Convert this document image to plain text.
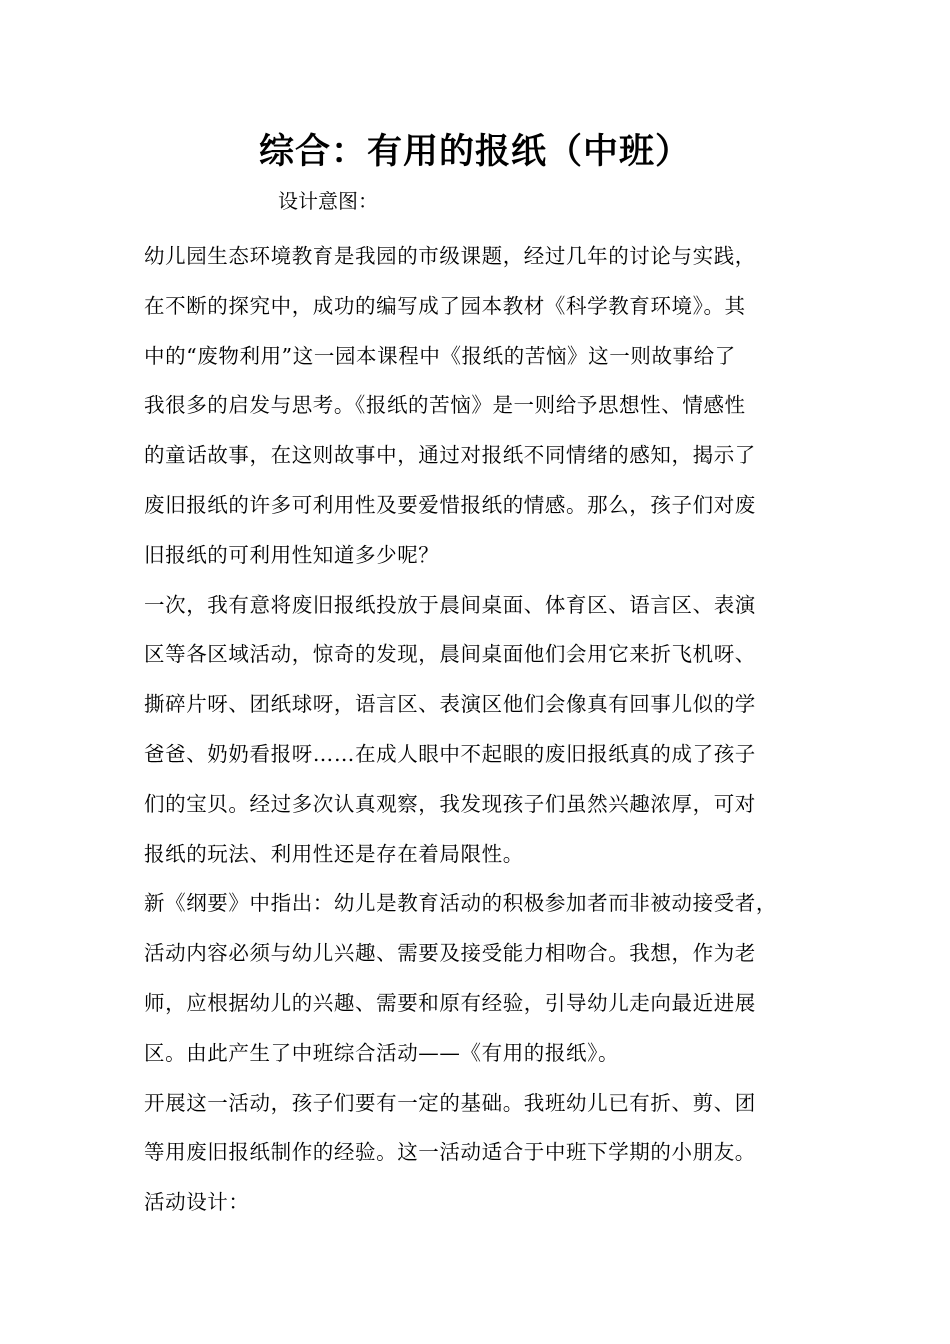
综合：有用的报纸（中班）

设计意图：

幼儿园生态环境教育是我园的市级课题，经过几年的讨论与实践，

在不断的探究中，成功的编写成了园本教材《科学教育环境》。其

中的“废物利用”这一园本课程中《报纸的苦恼》这一则故事给了

我很多的启发与思考。《报纸的苦恼》是一则给予思想性、情感性

的童话故事，在这则故事中，通过对报纸不同情绪的感知，揭示了

废旧报纸的许多可利用性及要爱惜报纸的情感。那么，孩子们对废

旧报纸的可利用性知道多少呢？

一次，我有意将废旧报纸投放于晨间桌面、体育区、语言区、表演

区等各区域活动，惊奇的发现，晨间桌面他们会用它来折飞机呀、

撕碎片呀、团纸球呀，语言区、表演区他们会像真有回事儿似的学

爸爸、奶奶看报呀……在成人眼中不起眼的废旧报纸真的成了孩子

们的宝贝。经过多次认真观察，我发现孩子们虽然兴趣浓厚，可对

报纸的玩法、利用性还是存在着局限性。

新《纲要》中指出：幼儿是教育活动的积极参加者而非被动接受者，

活动内容必须与幼儿兴趣、需要及接受能力相吻合。我想，作为老

师，应根据幼儿的兴趣、需要和原有经验，引导幼儿走向最近进展

区。由此产生了中班综合活动——《有用的报纸》。

开展这一活动，孩子们要有一定的基础。我班幼儿已有折、剪、团

等用废旧报纸制作的经验。这一活动适合于中班下学期的小朋友。

活动设计：
